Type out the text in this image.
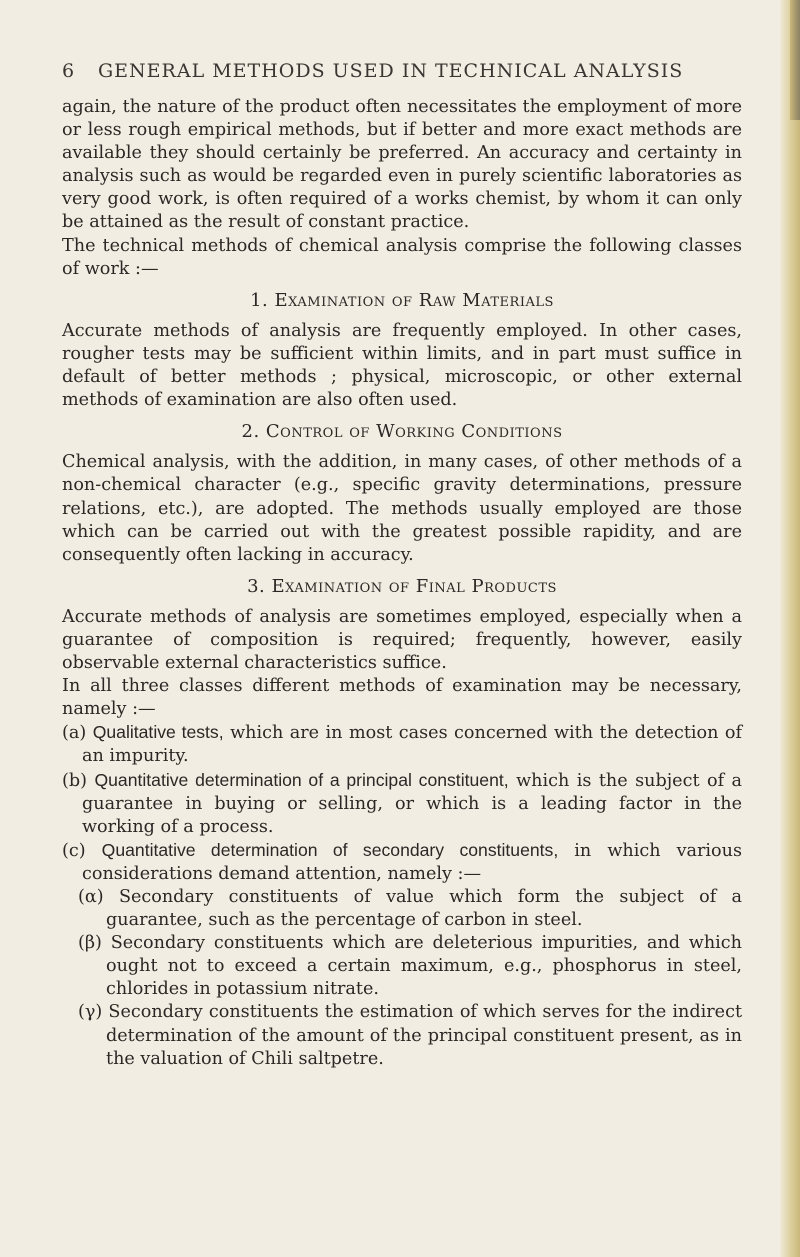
6 GENERAL METHODS USED IN TECHNICAL ANALYSIS

again, the nature of the product often necessitates the employment of more or less rough empirical methods, but if better and more exact methods are available they should certainly be preferred. An accuracy and certainty in analysis such as would be regarded even in purely scientific laboratories as very good work, is often required of a works chemist, by whom it can only be attained as the result of constant practice.

The technical methods of chemical analysis comprise the following classes of work :—

1. Examination of Raw Materials

Accurate methods of analysis are frequently employed. In other cases, rougher tests may be sufficient within limits, and in part must suffice in default of better methods ; physical, microscopic, or other external methods of examination are also often used.

2. Control of Working Conditions

Chemical analysis, with the addition, in many cases, of other methods of a non-chemical character (e.g., specific gravity determinations, pressure relations, etc.), are adopted. The methods usually employed are those which can be carried out with the greatest possible rapidity, and are consequently often lacking in accuracy.

3. Examination of Final Products

Accurate methods of analysis are sometimes employed, especially when a guarantee of composition is required; frequently, however, easily observable external characteristics suffice.

In all three classes different methods of examination may be necessary, namely :—

(a) Qualitative tests, which are in most cases concerned with the detection of an impurity.

(b) Quantitative determination of a principal constituent, which is the subject of a guarantee in buying or selling, or which is a leading factor in the working of a process.

(c) Quantitative determination of secondary constituents, in which various considerations demand attention, namely :—

(α) Secondary constituents of value which form the subject of a guarantee, such as the percentage of carbon in steel.

(β) Secondary constituents which are deleterious impurities, and which ought not to exceed a certain maximum, e.g., phosphorus in steel, chlorides in potassium nitrate.

(γ) Secondary constituents the estimation of which serves for the indirect determination of the amount of the principal constituent present, as in the valuation of Chili saltpetre.
